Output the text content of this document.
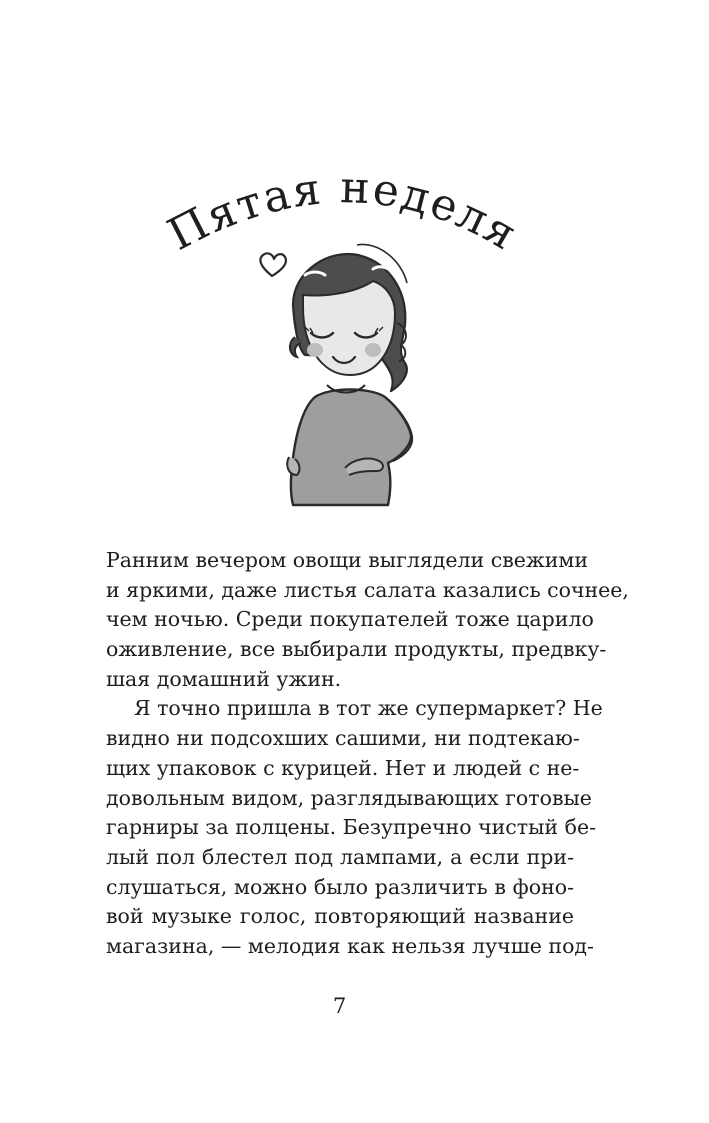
Пятая неделя
Ранним вечером овощи выглядели свежими
и яркими, даже листья салата казались сочнее,
чем ночью. Среди покупателей тоже царило
оживление, все выбирали продукты, предвку-
шая домашний ужин.
Я точно пришла в тот же супермаркет? Не
видно ни подсохших сашими, ни подтекаю-
щих упаковок с курицей. Нет и людей с не-
довольным видом, разглядывающих готовые
гарниры за полцены. Безупречно чистый бе-
лый пол блестел под лампами, а если при-
слушаться, можно было различить в фоно-
вой музыке голос, повторяющий название
магазина, — мелодия как нельзя лучше под-
7
